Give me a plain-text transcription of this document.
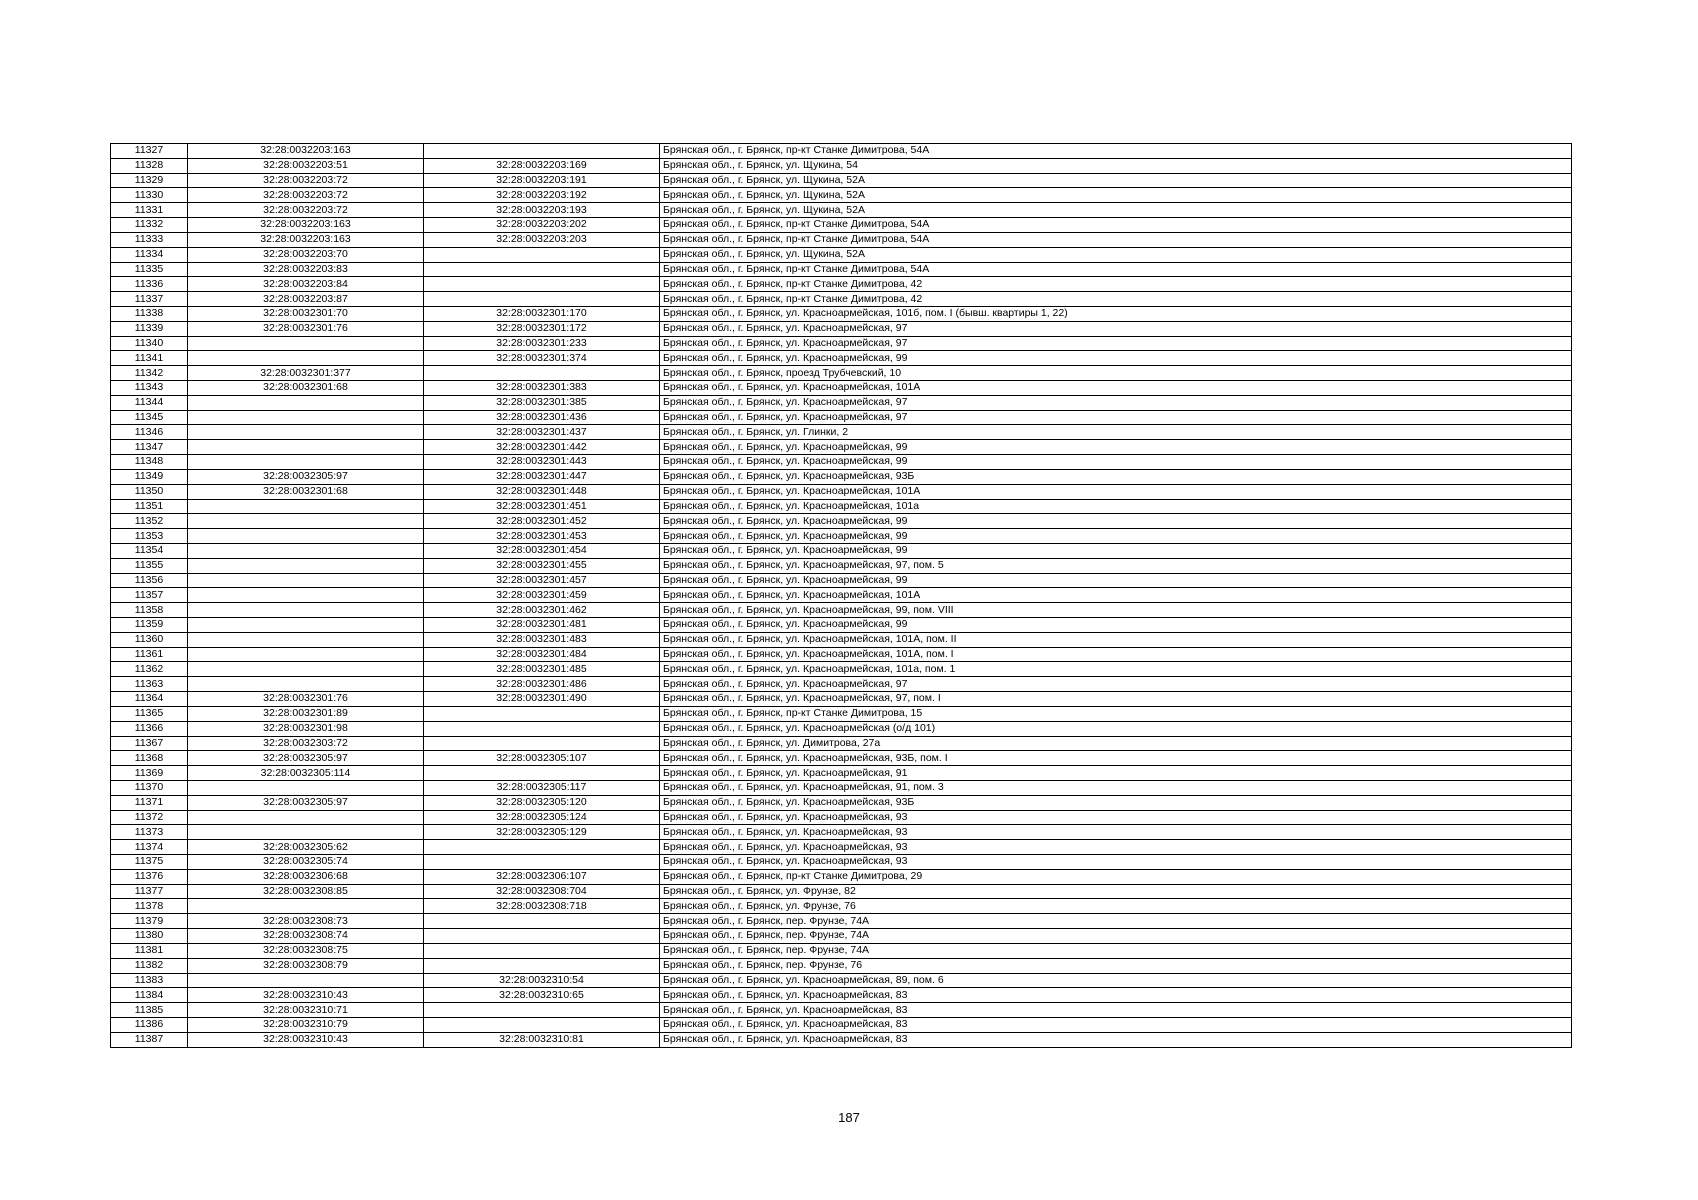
11327	32:28:0032203:163		Брянская обл., г. Брянск, пр-кт Станке Димитрова, 54А
11328	32:28:0032203:51	32:28:0032203:169	Брянская обл., г. Брянск, ул. Щукина, 54
11329	32:28:0032203:72	32:28:0032203:191	Брянская обл., г. Брянск, ул. Щукина, 52А
11330	32:28:0032203:72	32:28:0032203:192	Брянская обл., г. Брянск, ул. Щукина, 52А
11331	32:28:0032203:72	32:28:0032203:193	Брянская обл., г. Брянск, ул. Щукина, 52А
11332	32:28:0032203:163	32:28:0032203:202	Брянская обл., г. Брянск, пр-кт Станке Димитрова, 54А
11333	32:28:0032203:163	32:28:0032203:203	Брянская обл., г. Брянск, пр-кт Станке Димитрова, 54А
11334	32:28:0032203:70		Брянская обл., г. Брянск, ул. Щукина, 52А
11335	32:28:0032203:83		Брянская обл., г. Брянск, пр-кт Станке Димитрова, 54А
11336	32:28:0032203:84		Брянская обл., г. Брянск, пр-кт Станке Димитрова, 42
11337	32:28:0032203:87		Брянская обл., г. Брянск, пр-кт Станке Димитрова, 42
11338	32:28:0032301:70	32:28:0032301:170	Брянская обл., г. Брянск, ул. Красноармейская, 101б, пом. I (бывш. квартиры 1, 22)
11339	32:28:0032301:76	32:28:0032301:172	Брянская обл., г. Брянск, ул. Красноармейская, 97
11340		32:28:0032301:233	Брянская обл., г. Брянск, ул. Красноармейская, 97
11341		32:28:0032301:374	Брянская обл., г. Брянск, ул. Красноармейская, 99
11342	32:28:0032301:377		Брянская обл., г. Брянск, проезд Трубчевский, 10
11343	32:28:0032301:68	32:28:0032301:383	Брянская обл., г. Брянск, ул. Красноармейская, 101А
11344		32:28:0032301:385	Брянская обл., г. Брянск, ул. Красноармейская, 97
11345		32:28:0032301:436	Брянская обл., г. Брянск, ул. Красноармейская, 97
11346		32:28:0032301:437	Брянская обл., г. Брянск, ул. Глинки, 2
11347		32:28:0032301:442	Брянская обл., г. Брянск, ул. Красноармейская, 99
11348		32:28:0032301:443	Брянская обл., г. Брянск, ул. Красноармейская, 99
11349	32:28:0032305:97	32:28:0032301:447	Брянская обл., г. Брянск, ул. Красноармейская, 93Б
11350	32:28:0032301:68	32:28:0032301:448	Брянская обл., г. Брянск, ул. Красноармейская, 101А
11351		32:28:0032301:451	Брянская обл., г. Брянск, ул. Красноармейская, 101а
11352		32:28:0032301:452	Брянская обл., г. Брянск, ул. Красноармейская, 99
11353		32:28:0032301:453	Брянская обл., г. Брянск, ул. Красноармейская, 99
11354		32:28:0032301:454	Брянская обл., г. Брянск, ул. Красноармейская, 99
11355		32:28:0032301:455	Брянская обл., г. Брянск, ул. Красноармейская, 97, пом. 5
11356		32:28:0032301:457	Брянская обл., г. Брянск, ул. Красноармейская, 99
11357		32:28:0032301:459	Брянская обл., г. Брянск, ул. Красноармейская, 101А
11358		32:28:0032301:462	Брянская обл., г. Брянск, ул. Красноармейская, 99, пом. VIII
11359		32:28:0032301:481	Брянская обл., г. Брянск, ул. Красноармейская, 99
11360		32:28:0032301:483	Брянская обл., г. Брянск, ул. Красноармейская, 101А, пом. II
11361		32:28:0032301:484	Брянская обл., г. Брянск, ул. Красноармейская, 101А, пом. I
11362		32:28:0032301:485	Брянская обл., г. Брянск, ул. Красноармейская, 101а, пом. 1
11363		32:28:0032301:486	Брянская обл., г. Брянск, ул. Красноармейская, 97
11364	32:28:0032301:76	32:28:0032301:490	Брянская обл., г. Брянск, ул. Красноармейская, 97, пом. I
11365	32:28:0032301:89		Брянская обл., г. Брянск, пр-кт Станке Димитрова, 15
11366	32:28:0032301:98		Брянская обл., г. Брянск, ул. Красноармейская (о/д 101)
11367	32:28:0032303:72		Брянская обл., г. Брянск, ул. Димитрова, 27а
11368	32:28:0032305:97	32:28:0032305:107	Брянская обл., г. Брянск, ул. Красноармейская, 93Б, пом. I
11369	32:28:0032305:114		Брянская обл., г. Брянск, ул. Красноармейская, 91
11370		32:28:0032305:117	Брянская обл., г. Брянск, ул. Красноармейская, 91, пом. 3
11371	32:28:0032305:97	32:28:0032305:120	Брянская обл., г. Брянск, ул. Красноармейская, 93Б
11372		32:28:0032305:124	Брянская обл., г. Брянск, ул. Красноармейская, 93
11373		32:28:0032305:129	Брянская обл., г. Брянск, ул. Красноармейская, 93
11374	32:28:0032305:62		Брянская обл., г. Брянск, ул. Красноармейская, 93
11375	32:28:0032305:74		Брянская обл., г. Брянск, ул. Красноармейская, 93
11376	32:28:0032306:68	32:28:0032306:107	Брянская обл., г. Брянск, пр-кт Станке Димитрова, 29
11377	32:28:0032308:85	32:28:0032308:704	Брянская обл., г. Брянск, ул. Фрунзе, 82
11378		32:28:0032308:718	Брянская обл., г. Брянск, ул. Фрунзе, 76
11379	32:28:0032308:73		Брянская обл., г. Брянск, пер. Фрунзе, 74А
11380	32:28:0032308:74		Брянская обл., г. Брянск, пер. Фрунзе, 74А
11381	32:28:0032308:75		Брянская обл., г. Брянск, пер. Фрунзе, 74А
11382	32:28:0032308:79		Брянская обл., г. Брянск, пер. Фрунзе, 76
11383		32:28:0032310:54	Брянская обл., г. Брянск, ул. Красноармейская, 89, пом. 6
11384	32:28:0032310:43	32:28:0032310:65	Брянская обл., г. Брянск, ул. Красноармейская, 83
11385	32:28:0032310:71		Брянская обл., г. Брянск, ул. Красноармейская, 83
11386	32:28:0032310:79		Брянская обл., г. Брянск, ул. Красноармейская, 83
11387	32:28:0032310:43	32:28:0032310:81	Брянская обл., г. Брянск, ул. Красноармейская, 83
187
